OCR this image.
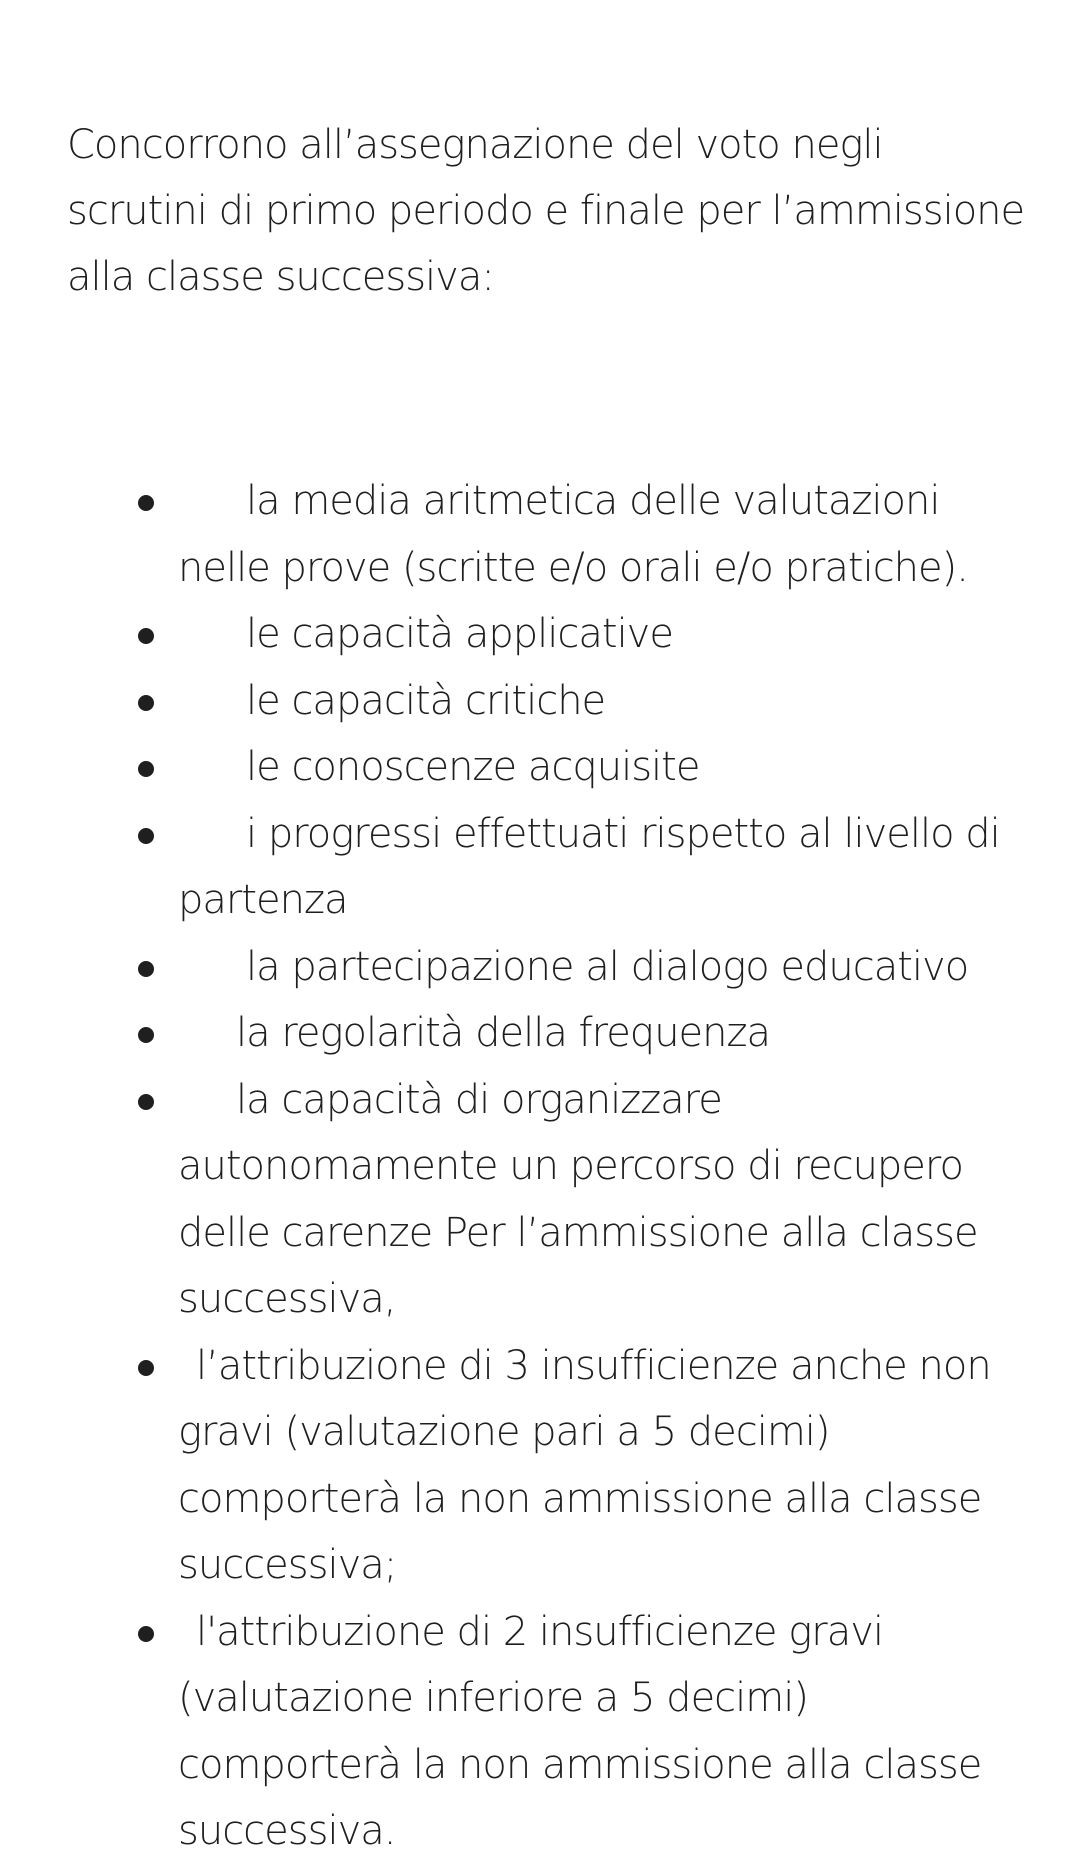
Concorrono all’assegnazione del voto negli scrutini di primo periodo e finale per l’ammissione alla classe successiva:

la media aritmetica delle valutazioni nelle prove (scritte e/o orali e/o pratiche).
le capacità applicative
le capacità critiche
le conoscenze acquisite
i progressi effettuati rispetto al livello di partenza
la partecipazione al dialogo educativo
la regolarità della frequenza
la capacità di organizzare autonomamente un percorso di recupero delle carenze Per l’ammissione alla classe successiva,
l’attribuzione di 3 insufficienze anche non gravi (valutazione pari a 5 decimi) comporterà la non ammissione alla classe successiva;
l'attribuzione di 2 insufficienze gravi (valutazione inferiore a 5 decimi) comporterà la non ammissione alla classe successiva.
